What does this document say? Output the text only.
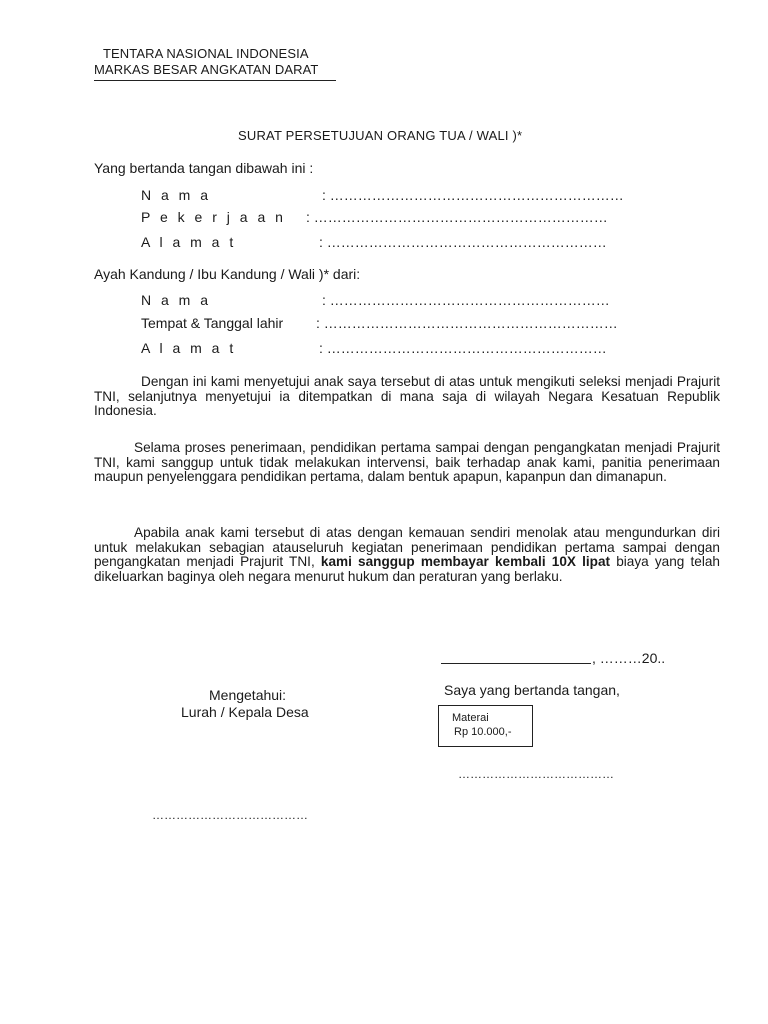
TENTARA NASIONAL INDONESIA
MARKAS BESAR ANGKATAN DARAT
SURAT PERSETUJUAN ORANG TUA / WALI )*
Yang bertanda tangan dibawah ini :
N a m a	: ………………………………………………………
P e k e r j a a n : ………………………………………………………
A l a m a t	: ……………………………………………………
Ayah Kandung / Ibu Kandung / Wali )* dari:
N a m a	: ……………………………………………………
Tempat & Tanggal lahir : ………………………………………………………
A l a m a t	: ……………………………………………………
Dengan ini kami menyetujui anak saya tersebut di atas untuk mengikuti seleksi menjadi Prajurit TNI, selanjutnya menyetujui ia ditempatkan di mana saja di wilayah Negara Kesatuan Republik Indonesia.
Selama proses penerimaan, pendidikan pertama sampai dengan pengangkatan menjadi Prajurit TNI, kami sanggup untuk tidak melakukan intervensi, baik terhadap anak kami, panitia penerimaan maupun penyelenggara pendidikan pertama, dalam bentuk apapun, kapanpun dan dimanapun.
Apabila anak kami tersebut di atas dengan kemauan sendiri menolak atau mengundurkan diri untuk melakukan sebagian atauseluruh kegiatan penerimaan pendidikan pertama sampai dengan pengangkatan menjadi Prajurit TNI, kami sanggup membayar kembali 10X lipat biaya yang telah dikeluarkan baginya oleh negara menurut hukum dan peraturan yang berlaku.
, ………20..
Saya yang bertanda tangan,
Materai
Rp 10.000,-
…………………………………
Mengetahui:
Lurah / Kepala Desa
…………………………………
